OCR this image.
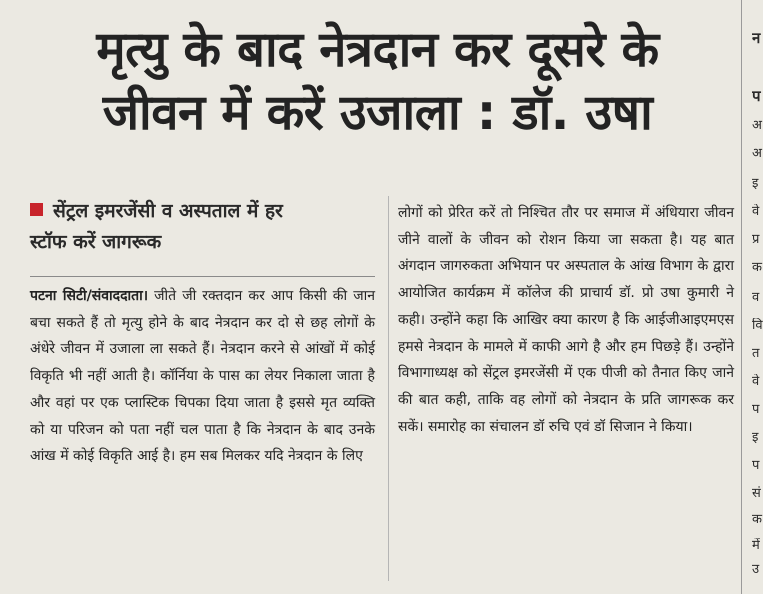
मृत्यु के बाद नेत्रदान कर दूसरे के
जीवन में करें उजाला : डॉ. उषा
सेंट्रल इमरजेंसी व अस्पताल में हर
स्टॉफ करें जागरूक

पटना सिटी/संवाददाता। जीते जी रक्तदान कर आप किसी की जान बचा सकते हैं तो मृत्यु होने के बाद नेत्रदान कर दो से छह लोगों के अंधेरे जीवन में उजाला ला सकते हैं। नेत्रदान करने से आंखों में कोई विकृति भी नहीं आती है। कॉर्निया के पास का लेयर निकाला जाता है और वहां पर एक प्लास्टिक चिपका दिया जाता है इससे मृत व्यक्ति को या परिजन को पता नहीं चल पाता है कि नेत्रदान के बाद उनके आंख में कोई विकृति आई है। हम सब मिलकर यदि नेत्रदान के लिए

लोगों को प्रेरित करें तो निश्चित तौर पर समाज में अंधियारा जीवन जीने वालों के जीवन को रोशन किया जा सकता है। यह बात अंगदान जागरुकता अभियान पर अस्पताल के आंख विभाग के द्वारा आयोजित कार्यक्रम में कॉलेज की प्राचार्य डॉ. प्रो उषा कुमारी ने कही। उन्होंने कहा कि आखिर क्या कारण है कि आईजीआइएमएस हमसे नेत्रदान के मामले में काफी आगे है और हम पिछड़े हैं। उन्होंने विभागाध्यक्ष को सेंट्रल इमरजेंसी में एक पीजी को तैनात किए जाने की बात कही, ताकि वह लोगों को नेत्रदान के प्रति जागरूक कर सकें। समारोह का संचालन डॉ रुचि एवं डॉ सिजान ने किया।

न
प
अ
अ
इ
वे
प्र
क
व
वि
त
वे
प
इ
प
सं
क
में
उ
